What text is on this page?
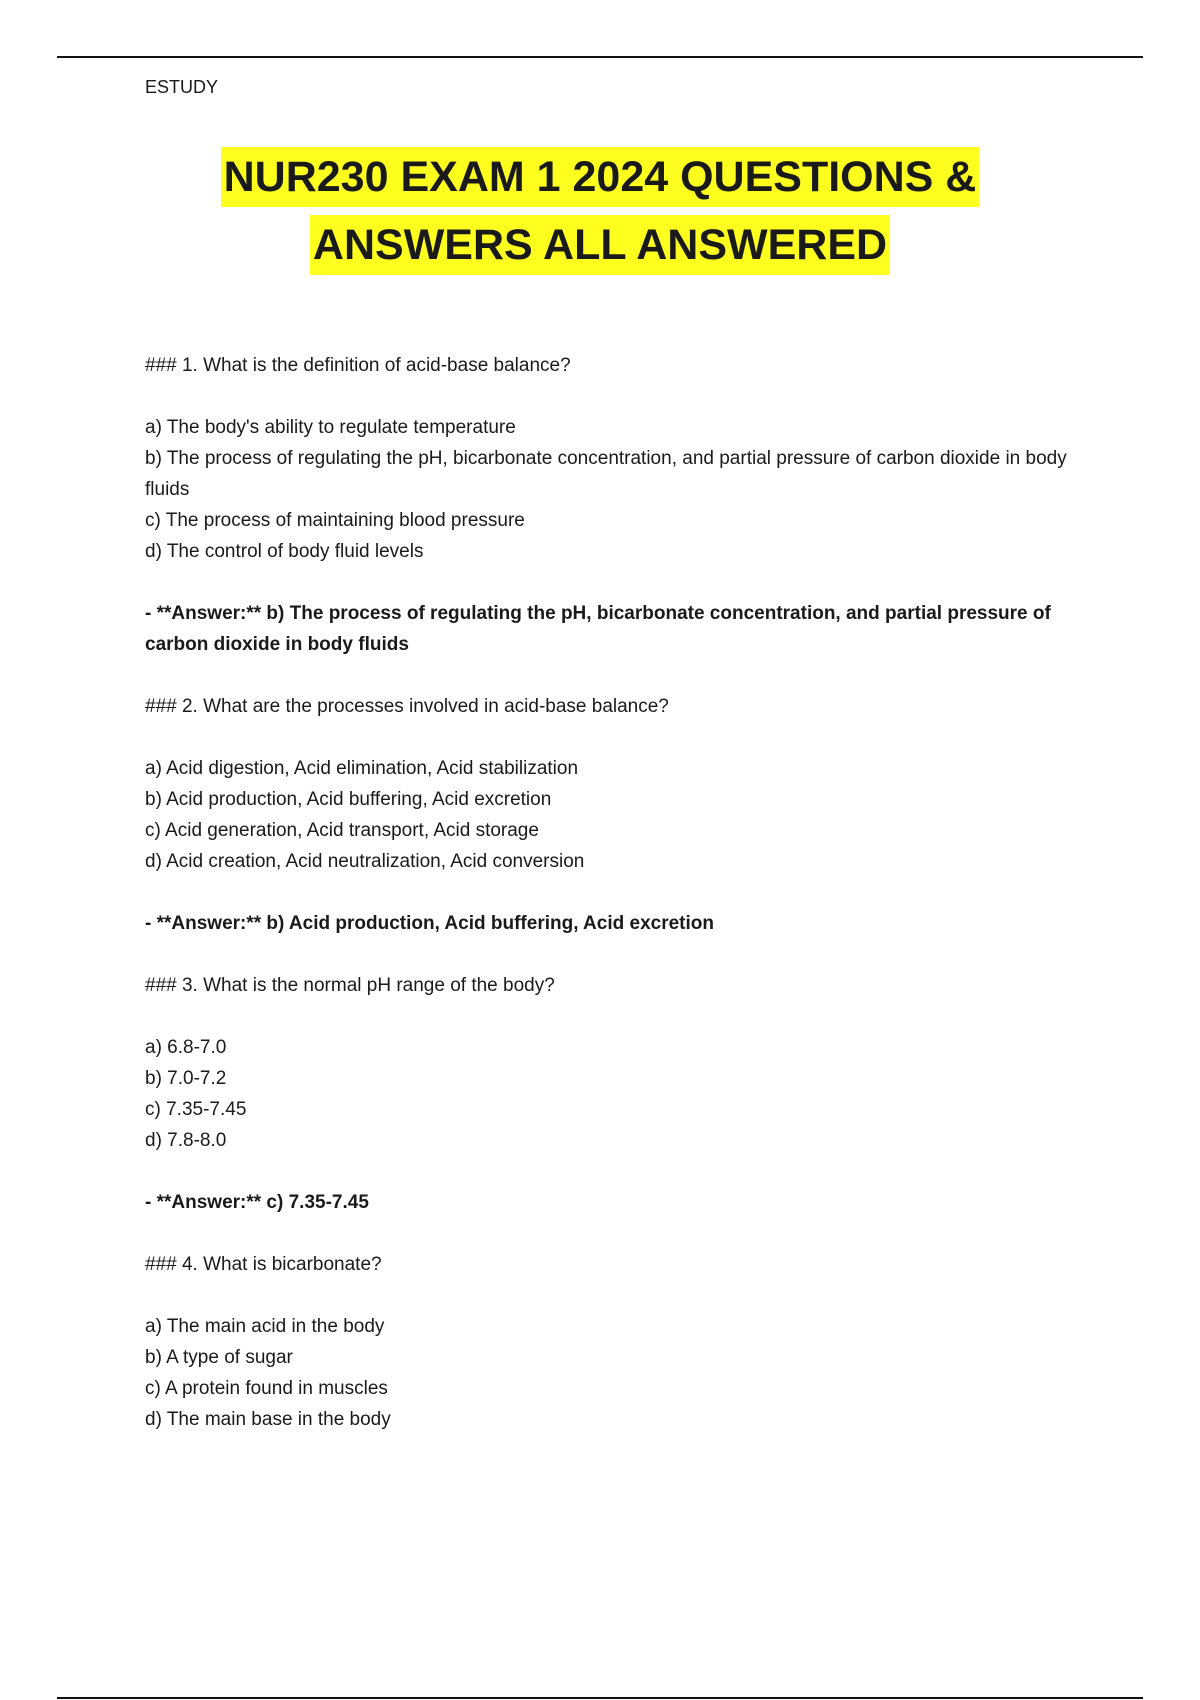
ESTUDY
NUR230 EXAM 1 2024 QUESTIONS &
ANSWERS ALL ANSWERED

### 1. What is the definition of acid-base balance?

a) The body's ability to regulate temperature

b) The process of regulating the pH, bicarbonate concentration, and partial pressure of carbon dioxide in body fluids

c) The process of maintaining blood pressure

d) The control of body fluid levels

- **Answer:** b) The process of regulating the pH, bicarbonate concentration, and partial pressure of carbon dioxide in body fluids

### 2. What are the processes involved in acid-base balance?

a) Acid digestion, Acid elimination, Acid stabilization

b) Acid production, Acid buffering, Acid excretion

c) Acid generation, Acid transport, Acid storage

d) Acid creation, Acid neutralization, Acid conversion

- **Answer:** b) Acid production, Acid buffering, Acid excretion

### 3. What is the normal pH range of the body?

a) 6.8-7.0

b) 7.0-7.2

c) 7.35-7.45

d) 7.8-8.0

- **Answer:** c) 7.35-7.45

### 4. What is bicarbonate?

a) The main acid in the body

b) A type of sugar

c) A protein found in muscles

d) The main base in the body
